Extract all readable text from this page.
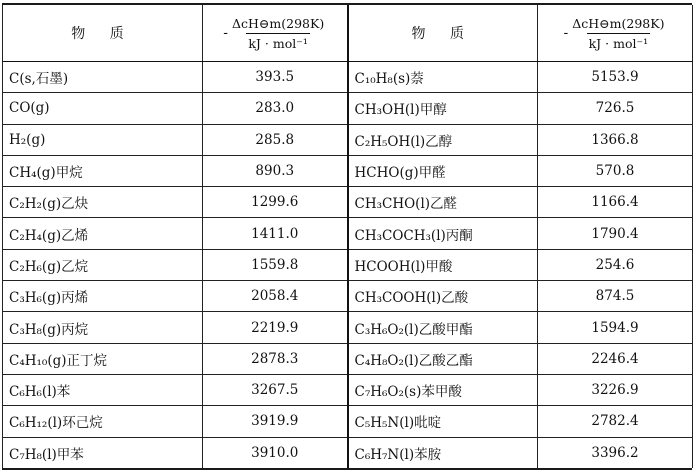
物 质	- $\frac{\text{ΔcH⊖m(298K)}}{\text{kJ · mol⁻¹}}$	物 质	- $\frac{\text{ΔcH⊖m(298K)}}{\text{kJ · mol⁻¹}}$

C(s,石墨)	393.5	C₁₀H₈(s)萘	5153.9
CO(g)	283.0	CH₃OH(l)甲醇	726.5
H₂(g)	285.8	C₂H₅OH(l)乙醇	1366.8
CH₄(g)甲烷	890.3	HCHO(g)甲醛	570.8
C₂H₂(g)乙炔	1299.6	CH₃CHO(l)乙醛	1166.4
C₂H₄(g)乙烯	1411.0	CH₃COCH₃(l)丙酮	1790.4
C₂H₆(g)乙烷	1559.8	HCOOH(l)甲酸	254.6
C₃H₆(g)丙烯	2058.4	CH₃COOH(l)乙酸	874.5
C₃H₈(g)丙烷	2219.9	C₃H₆O₂(l)乙酸甲酯	1594.9
C₄H₁₀(g)正丁烷	2878.3	C₄H₈O₂(l)乙酸乙酯	2246.4
C₆H₆(l)苯	3267.5	C₇H₆O₂(s)苯甲酸	3226.9
C₆H₁₂(l)环己烷	3919.9	C₅H₅N(l)吡啶	2782.4
C₇H₈(l)甲苯	3910.0	C₆H₇N(l)苯胺	3396.2
